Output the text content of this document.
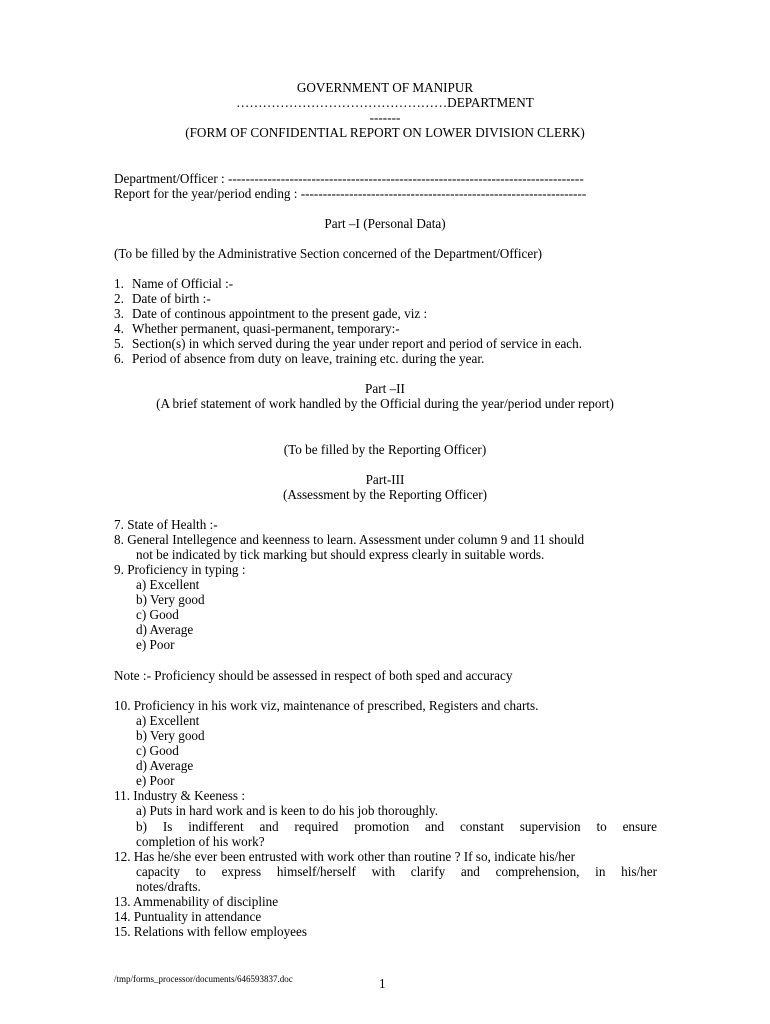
GOVERNMENT OF MANIPUR
…………………………………………DEPARTMENT
-------
(FORM OF CONFIDENTIAL REPORT ON LOWER DIVISION CLERK)
Department/Officer : ---------------------------------------------------------------------------------
Report for the year/period ending : -----------------------------------------------------------------
Part –I (Personal Data)
(To be filled by the Administrative Section concerned of the Department/Officer)
1. Name of Official :-
2. Date of birth :-
3. Date of continous appointment to the present gade, viz :
4. Whether permanent, quasi-permanent, temporary:-
5. Section(s) in which served during the year under report and period of service in each.
6. Period of absence from duty on leave, training etc. during the year.
Part –II
(A brief statement of work handled by the Official during the year/period under report)
(To be filled by the Reporting Officer)
Part-III
(Assessment by the Reporting Officer)
7. State of Health :-
8. General Intellegence and keenness to learn. Assessment under column 9 and 11 should
not be indicated by tick marking but should express clearly in suitable words.
9. Proficiency in typing :
a) Excellent
b) Very good
c) Good
d) Average
e) Poor
Note :- Proficiency should be assessed in respect of both sped and accuracy
10. Proficiency in his work viz, maintenance of prescribed, Registers and charts.
a) Excellent
b) Very good
c) Good
d) Average
e) Poor
11. Industry & Keeness :
a) Puts in hard work and is keen to do his job thoroughly.
b) Is indifferent and required promotion and constant supervision to ensure
completion of his work?
12. Has he/she ever been entrusted with work other than routine ? If so, indicate his/her
capacity to express himself/herself with clarify and comprehension, in his/her
notes/drafts.
13. Ammenability of discipline
14. Puntuality in attendance
15. Relations with fellow employees
/tmp/forms_processor/documents/646593837.doc	1
